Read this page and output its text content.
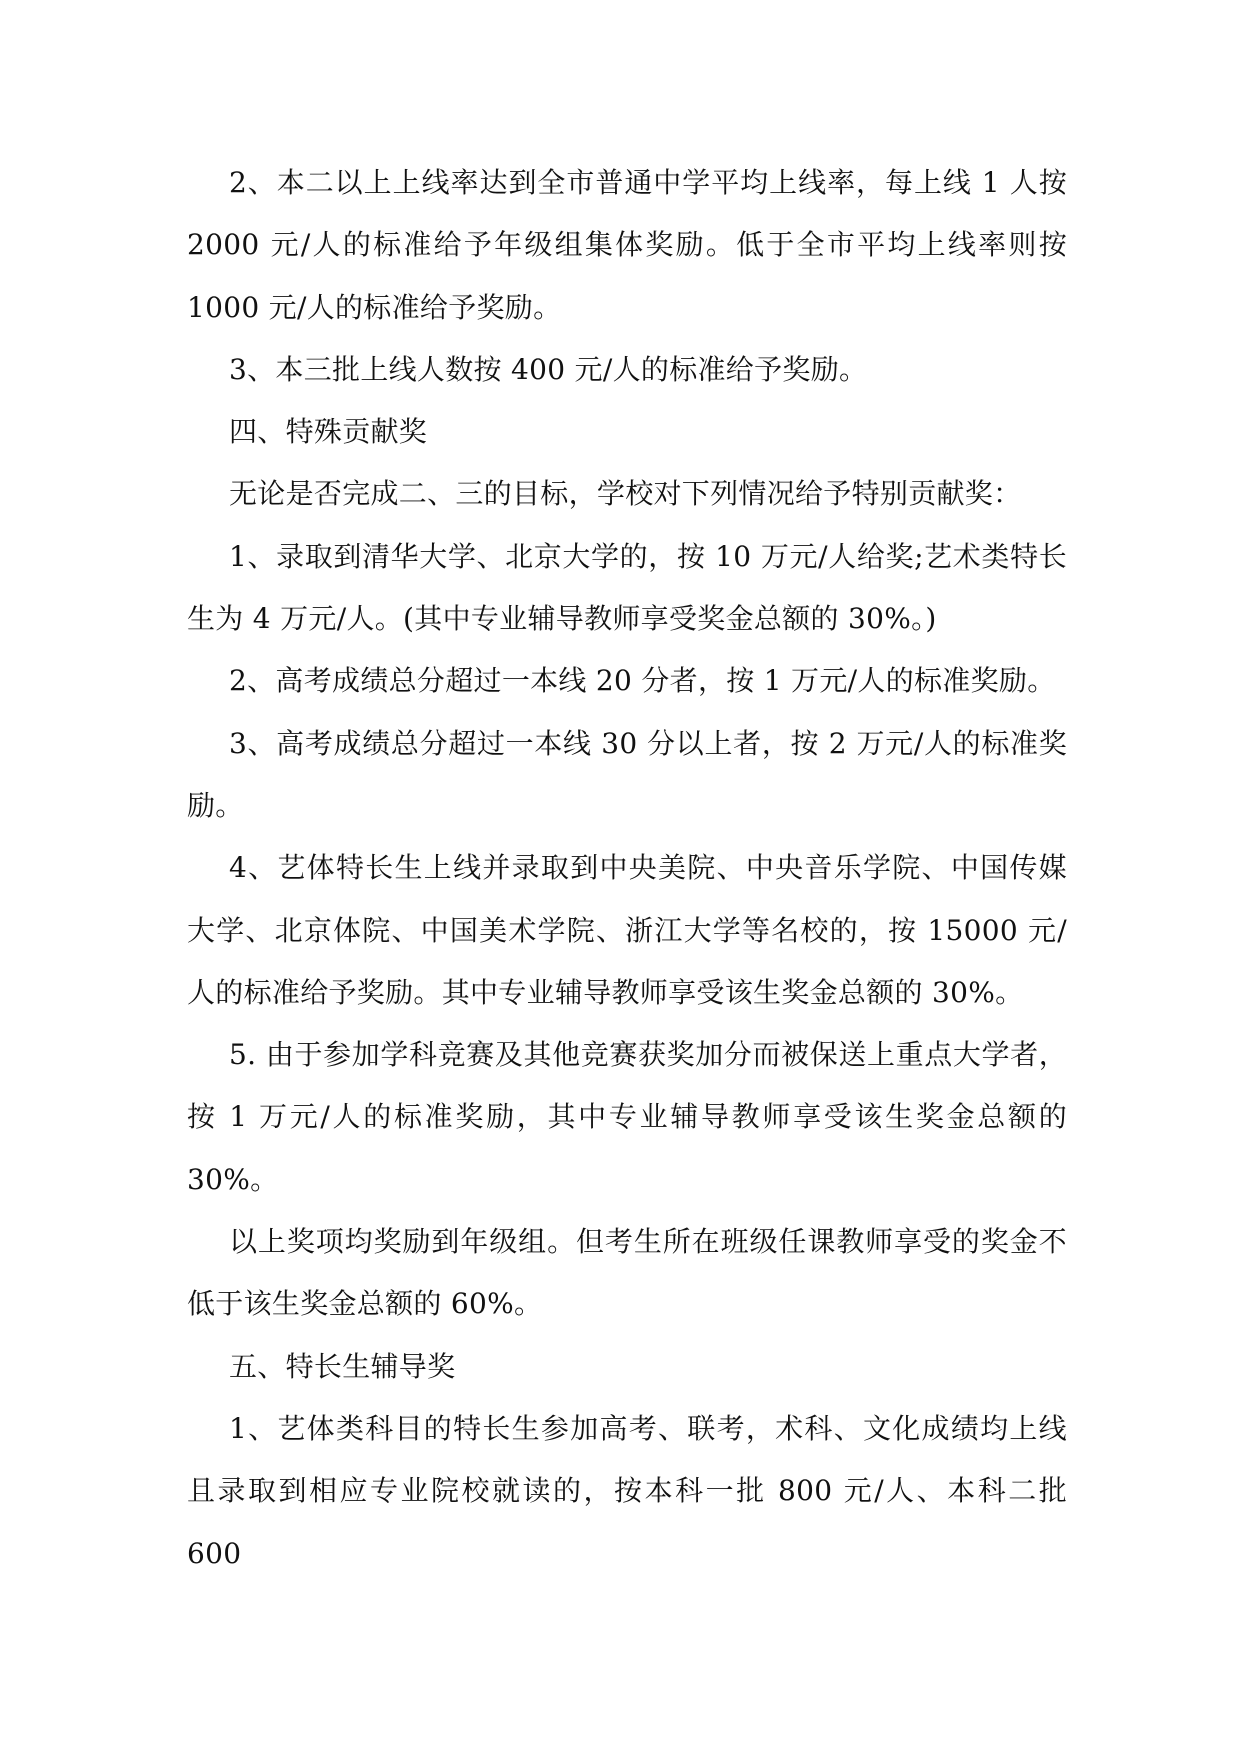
2、本二以上上线率达到全市普通中学平均上线率，每上线 1 人按 2000 元/人的标准给予年级组集体奖励。低于全市平均上线率则按 1000 元/人的标准给予奖励。

3、本三批上线人数按 400 元/人的标准给予奖励。

四、特殊贡献奖

无论是否完成二、三的目标，学校对下列情况给予特别贡献奖：

1、录取到清华大学、北京大学的，按 10 万元/人给奖;艺术类特长生为 4 万元/人。(其中专业辅导教师享受奖金总额的 30%。)

2、高考成绩总分超过一本线 20 分者，按 1 万元/人的标准奖励。

3、高考成绩总分超过一本线 30 分以上者，按 2 万元/人的标准奖励。

4、艺体特长生上线并录取到中央美院、中央音乐学院、中国传媒大学、北京体院、中国美术学院、浙江大学等名校的，按 15000 元/人的标准给予奖励。其中专业辅导教师享受该生奖金总额的 30%。

5. 由于参加学科竞赛及其他竞赛获奖加分而被保送上重点大学者，按 1 万元/人的标准奖励，其中专业辅导教师享受该生奖金总额的 30%。

以上奖项均奖励到年级组。但考生所在班级任课教师享受的奖金不低于该生奖金总额的 60%。

五、特长生辅导奖

1、艺体类科目的特长生参加高考、联考，术科、文化成绩均上线且录取到相应专业院校就读的，按本科一批 800 元/人、本科二批 600
